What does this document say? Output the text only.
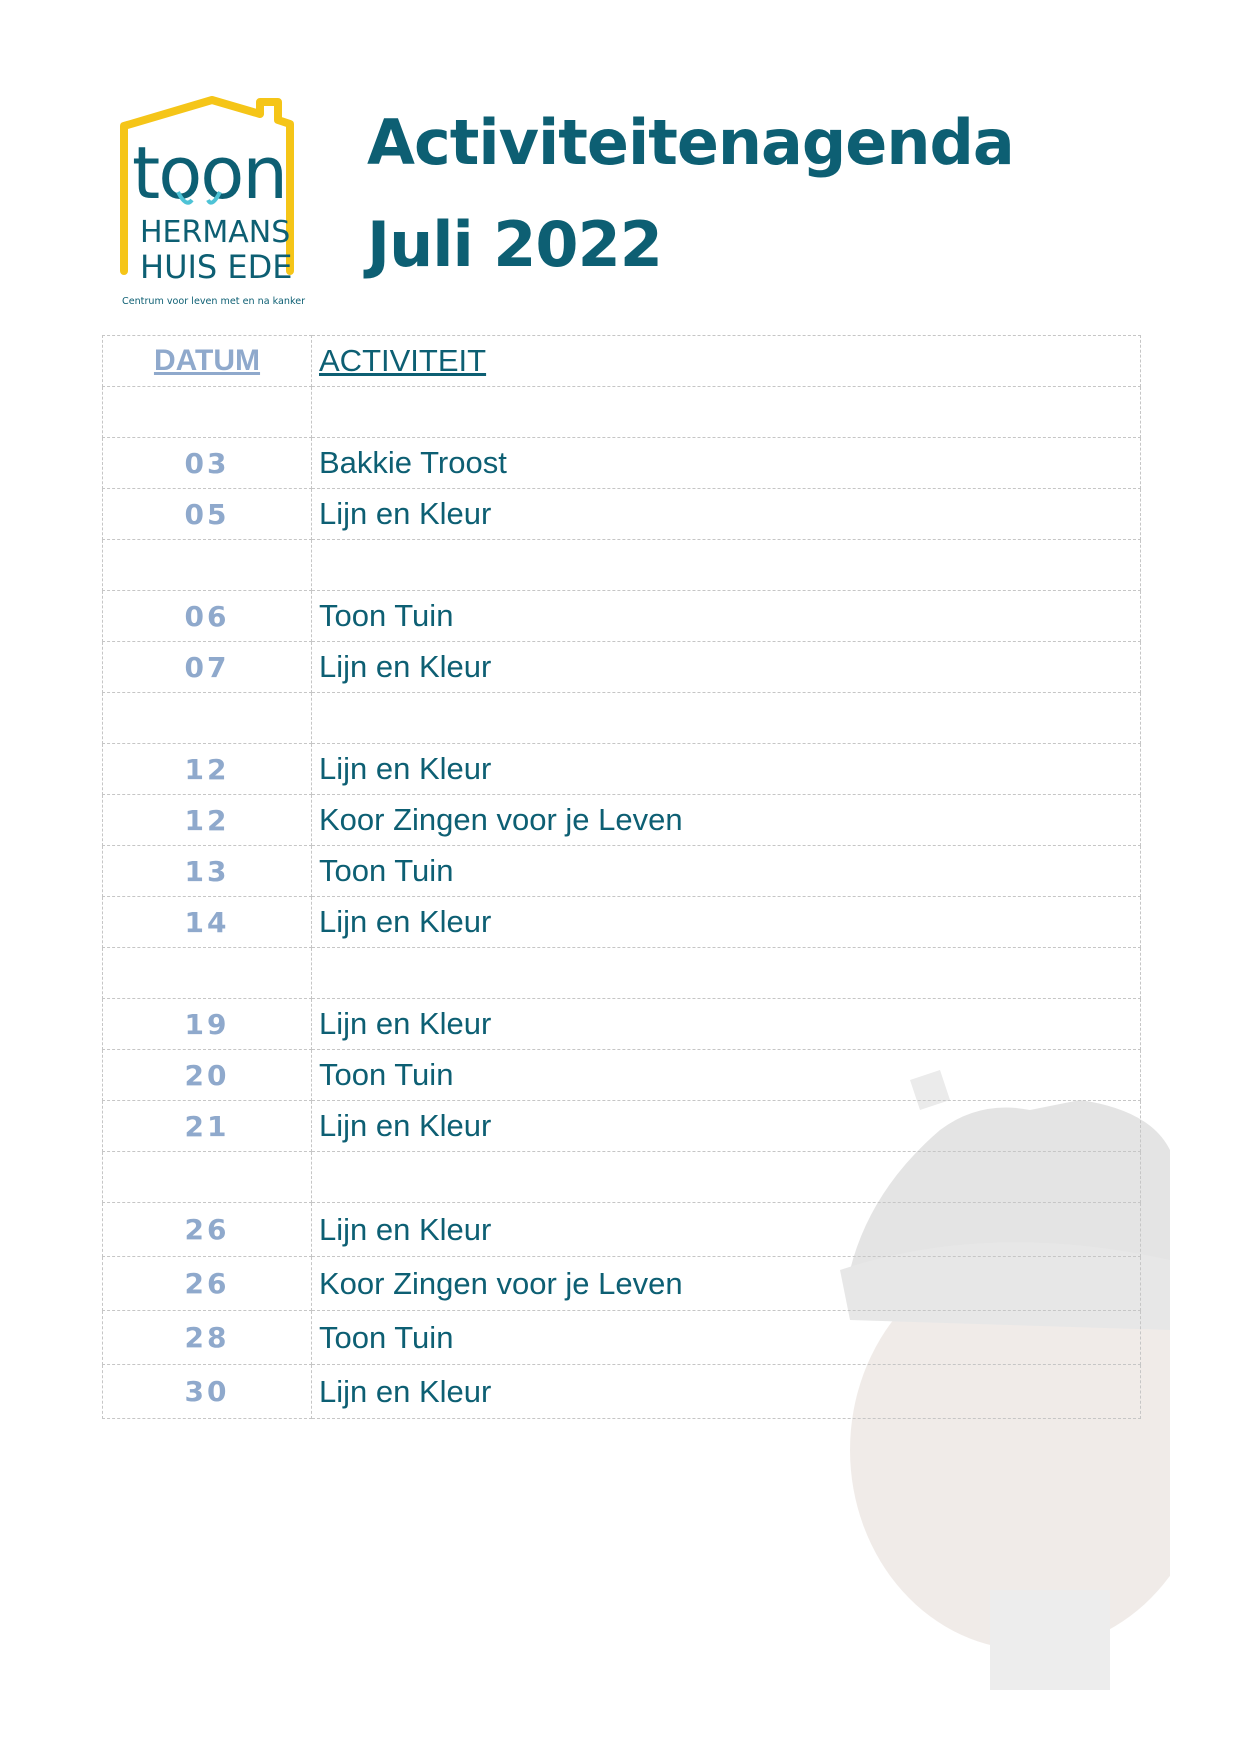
toon
HERMANS
HUIS EDE
Centrum voor leven met en na kanker
Activiteitenagenda
Juli 2022
DATUM	ACTIVITEIT

03	Bakkie Troost
05	Lijn en Kleur

06	Toon Tuin
07	Lijn en Kleur

12	Lijn en Kleur
12	Koor Zingen voor je Leven
13	Toon Tuin
14	Lijn en Kleur

19	Lijn en Kleur
20	Toon Tuin
21	Lijn en Kleur

26	Lijn en Kleur
26	Koor Zingen voor je Leven
28	Toon Tuin
30	Lijn en Kleur
